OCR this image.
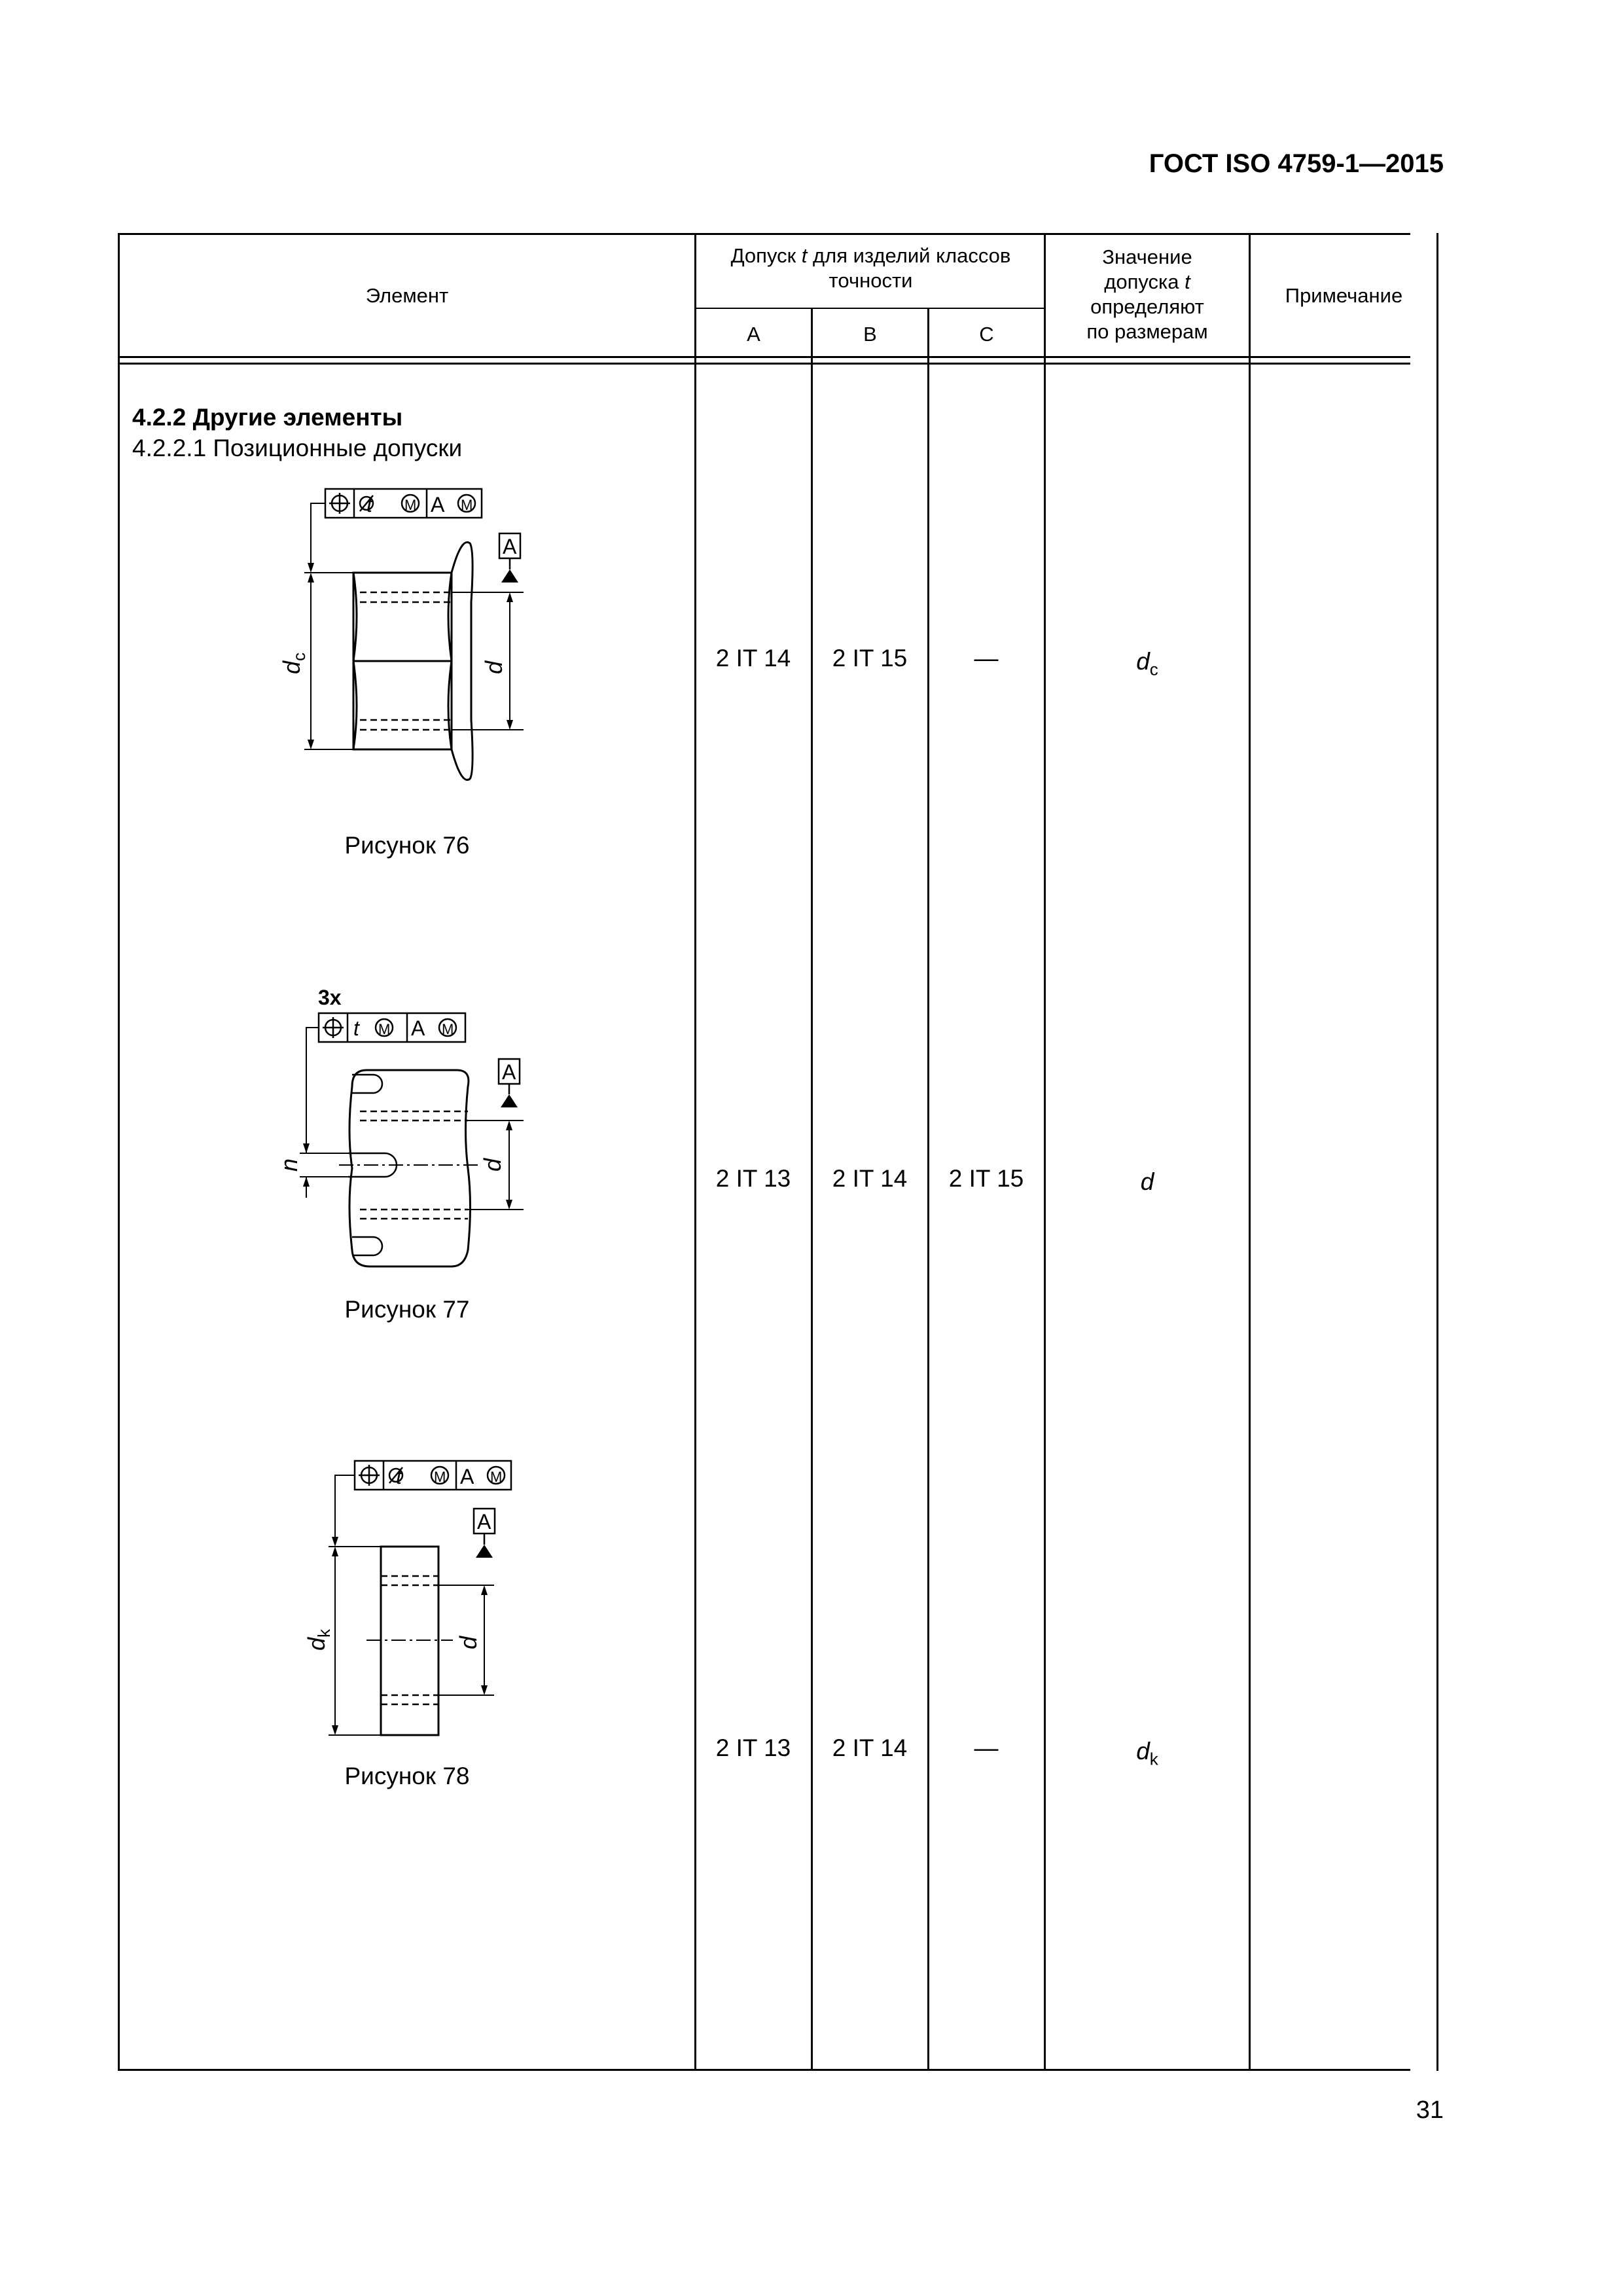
ГОСТ ISO 4759-1—2015
Элемент
Допуск t для изделий классов
точности
A	B	C
Значение
допуска t
определяют
по размерам
Примечание
4.2.2 Другие элементы
4.2.2.1 Позиционные допуски
t M A M
A
d
c
d
Рисунок 76
2 IT 14	2 IT 15	—	$d_c$
3x
t M A M
A
n	d
Рисунок 77
2 IT 13	2 IT 14	2 IT 15	d
t M A M
A
d
k
d
Рисунок 78
2 IT 13	2 IT 14	—	$d_k$
31
